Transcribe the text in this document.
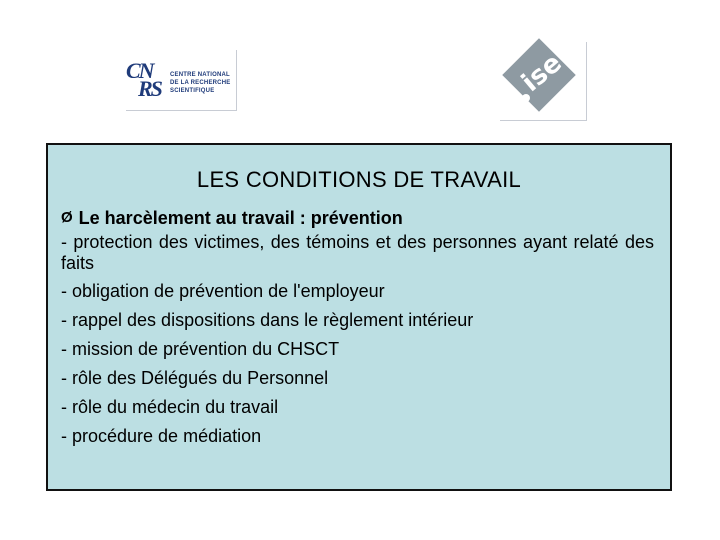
CN
RS
CENTRE NATIONAL
DE LA RECHERCHE
SCIENTIFIQUE	ise
LES CONDITIONS DE TRAVAIL
Ø Le harcèlement au travail : prévention
- protection des victimes, des témoins et des personnes ayant relaté des faits
- obligation de prévention de l'employeur
- rappel des dispositions dans le règlement intérieur
- mission de prévention du CHSCT
- rôle des Délégués du Personnel
- rôle du médecin du travail
- procédure de médiation
